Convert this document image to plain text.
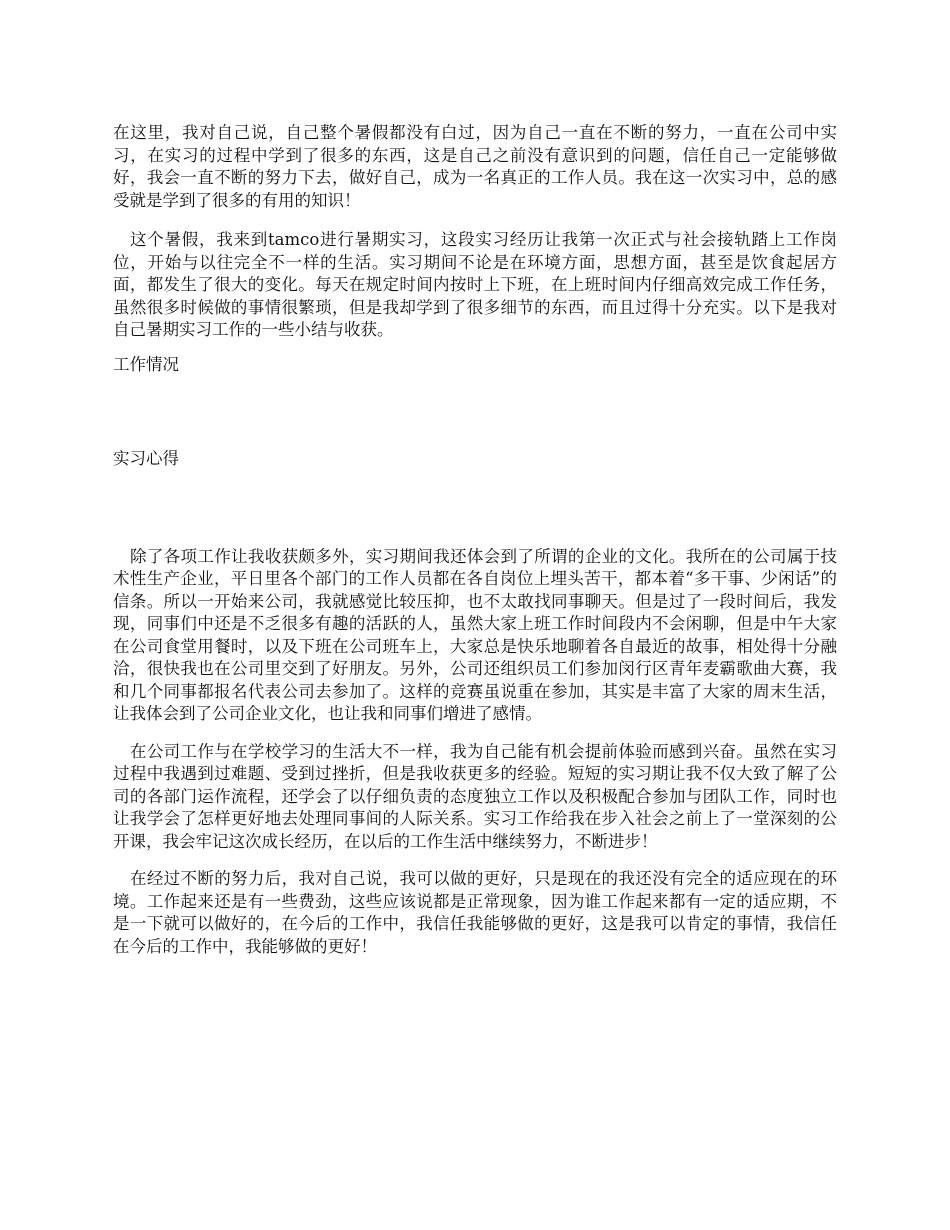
在这里，我对自己说，自己整个暑假都没有白过，因为自己一直在不断的努力，一直在公司中实习，在实习的过程中学到了很多的东西，这是自己之前没有意识到的问题，信任自己一定能够做好，我会一直不断的努力下去，做好自己，成为一名真正的工作人员。我在这一次实习中，总的感受就是学到了很多的有用的知识！

这个暑假，我来到tamco进行暑期实习，这段实习经历让我第一次正式与社会接轨踏上工作岗位，开始与以往完全不一样的生活。实习期间不论是在环境方面，思想方面，甚至是饮食起居方面，都发生了很大的变化。每天在规定时间内按时上下班，在上班时间内仔细高效完成工作任务，虽然很多时候做的事情很繁琐，但是我却学到了很多细节的东西，而且过得十分充实。以下是我对自己暑期实习工作的一些小结与收获。

工作情况

实习心得

除了各项工作让我收获颇多外，实习期间我还体会到了所谓的企业的文化。我所在的公司属于技术性生产企业，平日里各个部门的工作人员都在各自岗位上埋头苦干，都本着“多干事、少闲话”的信条。所以一开始来公司，我就感觉比较压抑，也不太敢找同事聊天。但是过了一段时间后，我发现，同事们中还是不乏很多有趣的活跃的人，虽然大家上班工作时间段内不会闲聊，但是中午大家在公司食堂用餐时，以及下班在公司班车上，大家总是快乐地聊着各自最近的故事，相处得十分融洽，很快我也在公司里交到了好朋友。另外，公司还组织员工们参加闵行区青年麦霸歌曲大赛，我和几个同事都报名代表公司去参加了。这样的竞赛虽说重在参加，其实是丰富了大家的周末生活，让我体会到了公司企业文化，也让我和同事们增进了感情。

在公司工作与在学校学习的生活大不一样，我为自己能有机会提前体验而感到兴奋。虽然在实习过程中我遇到过难题、受到过挫折，但是我收获更多的经验。短短的实习期让我不仅大致了解了公司的各部门运作流程，还学会了以仔细负责的态度独立工作以及积极配合参加与团队工作，同时也让我学会了怎样更好地去处理同事间的人际关系。实习工作给我在步入社会之前上了一堂深刻的公开课，我会牢记这次成长经历，在以后的工作生活中继续努力，不断进步！

在经过不断的努力后，我对自己说，我可以做的更好，只是现在的我还没有完全的适应现在的环境。工作起来还是有一些费劲，这些应该说都是正常现象，因为谁工作起来都有一定的适应期，不是一下就可以做好的，在今后的工作中，我信任我能够做的更好，这是我可以肯定的事情，我信任在今后的工作中，我能够做的更好！
